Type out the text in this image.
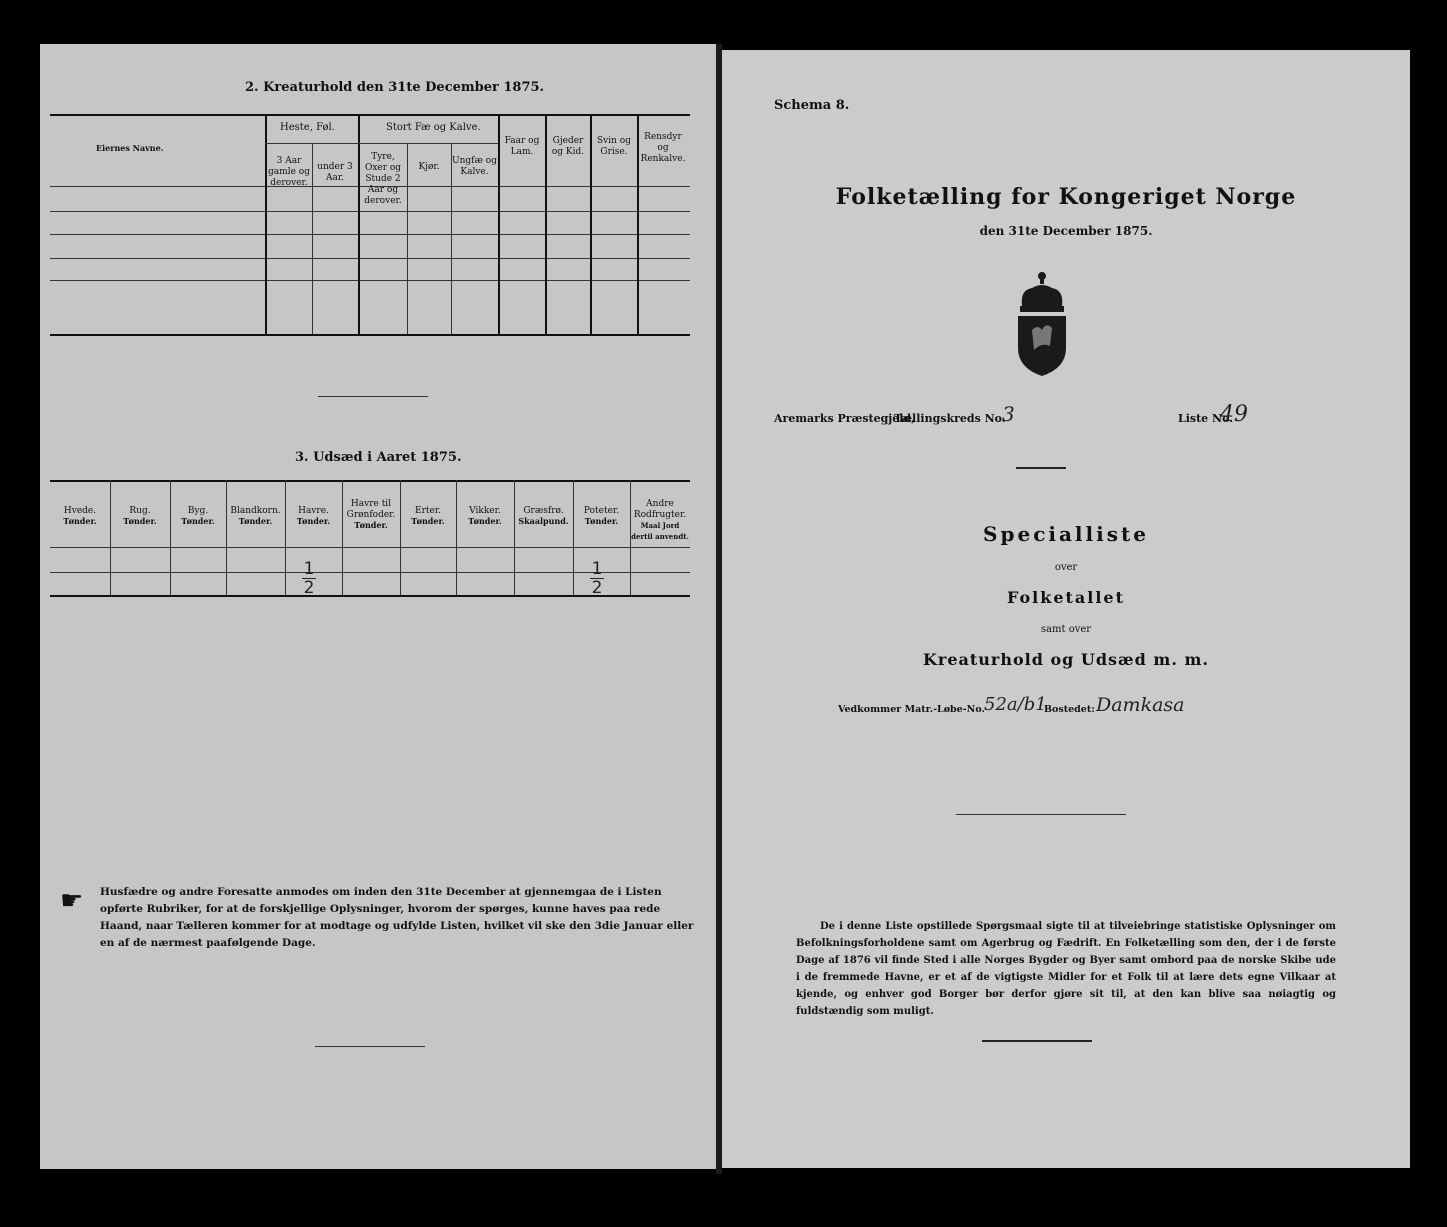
2. Kreaturhold den 31te December 1875.
Eiernes Navne.
Heste, Føl.
3 Aar gamle og derover.
under 3 Aar.
Stort Fæ og Kalve.
Tyre, Oxer og Stude 2 Aar og derover.
Kjør.
Ungfæ og Kalve.
Faar og Lam.
Gjeder og Kid.
Svin og Grise.
Rensdyr og Renkalve.
3. Udsæd i Aaret 1875.
Hvede.
Tønder.
Rug.
Tønder.
Byg.
Tønder.
Blandkorn.
Tønder.
Havre.
Tønder.
Havre til Grønfoder.
Tønder.
Erter.
Tønder.
Vikker.
Tønder.
Græsfrø.
Skaalpund.
Poteter.
Tønder.
Andre Rodfrugter.
Maal Jord dertil anvendt.
1
2
1
2
☛ Husfædre og andre Foresatte anmodes om inden den 31te December at gjennemgaa de i Listen opførte Rubriker, for at de forskjellige Oplysninger, hvorom der spørges, kunne haves paa rede Haand, naar Tælleren kommer for at modtage og udfylde Listen, hvilket vil ske den 3die Januar eller en af de nærmest paafølgende Dage.
Schema 8.
Folketælling for Kongeriget Norge
den 31te December 1875.
Aremarks Præstegjeld,
Tællingskreds No.
3	Liste No.
49
Specialliste
over
Folketallet
samt over
Kreaturhold og Udsæd m. m.
Vedkommer Matr.-Løbe-No. 52a/b1
Bostedet: Damkasa
De i denne Liste opstillede Spørgsmaal sigte til at tilveiebringe statistiske Oplysninger om Befolkningsforholdene samt om Agerbrug og Fædrift. En Folketælling som den, der i de første Dage af 1876 vil finde Sted i alle Norges Bygder og Byer samt ombord paa de norske Skibe ude i de fremmede Havne, er et af de vigtigste Midler for et Folk til at lære dets egne Vilkaar at kjende, og enhver god Borger bør derfor gjøre sit til, at den kan blive saa nøiagtig og fuldstændig som muligt.
